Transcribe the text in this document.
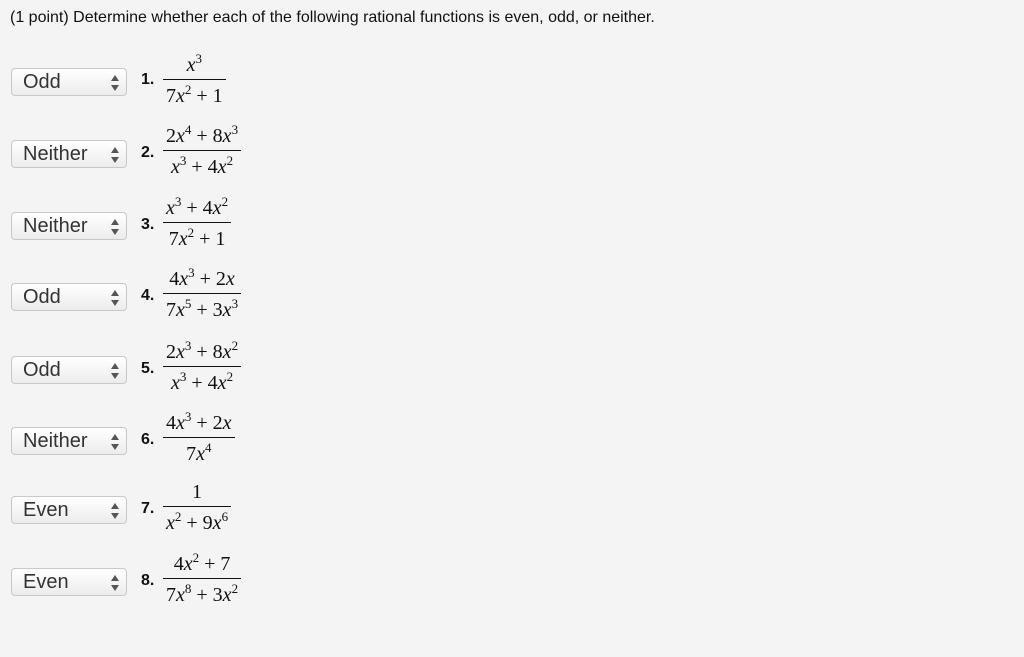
(1 point) Determine whether each of the following rational functions is even, odd, or neither.
Odd	1.
$x^3$
$7x^2 + 1$
Neither	2.
$2x^4 + 8x^3$
$x^3 + 4x^2$
Neither	3.
$x^3 + 4x^2$
$7x^2 + 1$
Odd	4.
$4x^3 + 2x$
$7x^5 + 3x^3$
Odd	5.
$2x^3 + 8x^2$
$x^3 + 4x^2$
Neither	6.
$4x^3 + 2x$
$7x^4$
Even	7.
1
$x^2 + 9x^6$
Even	8.
$4x^2 + 7$
$7x^8 + 3x^2$
